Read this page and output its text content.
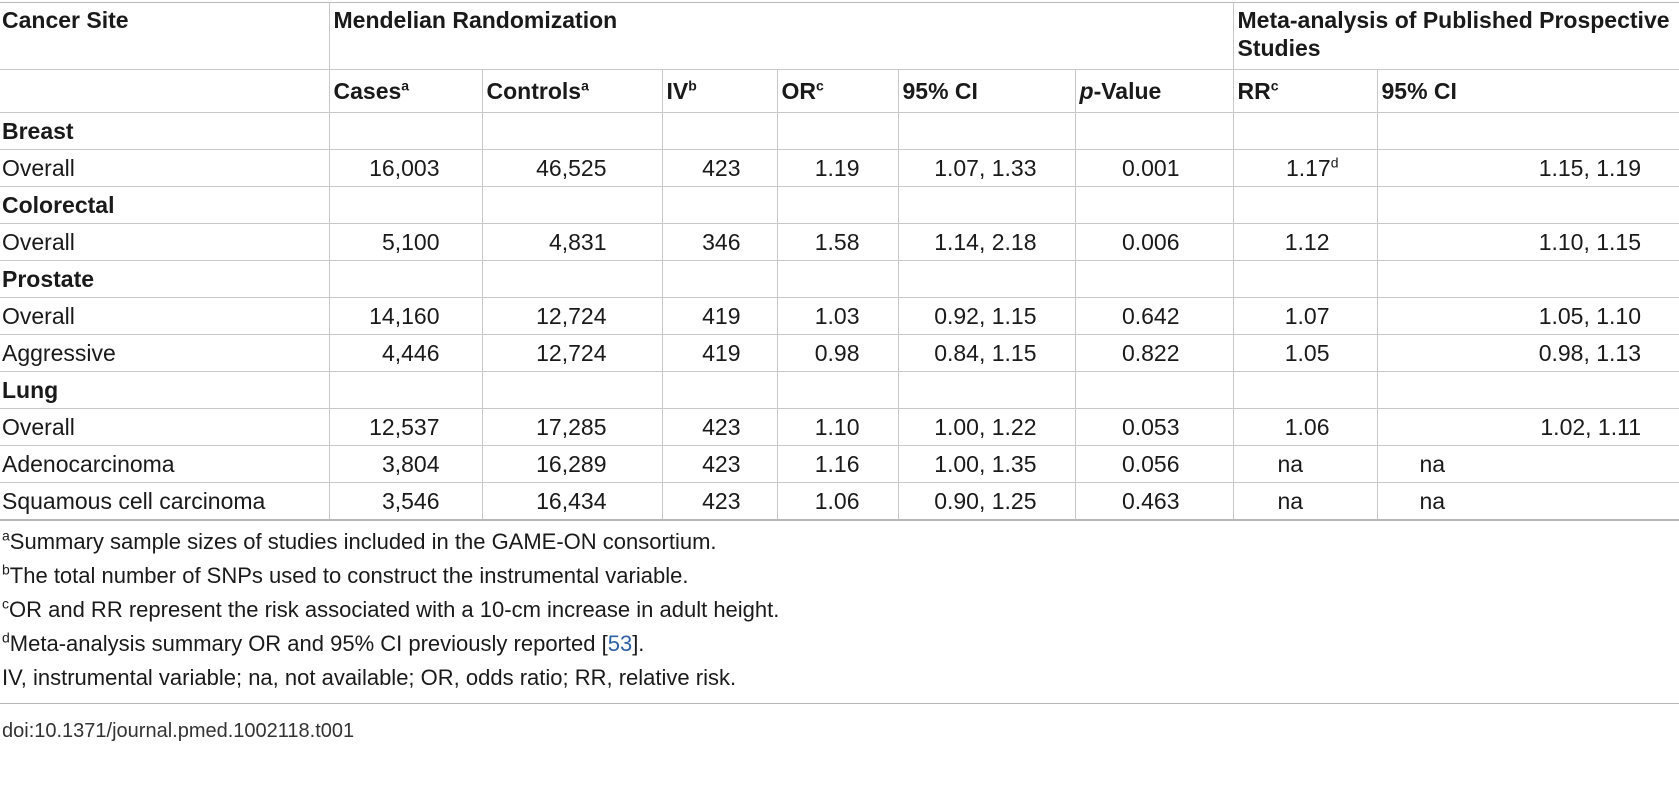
Cancer Site	Mendelian Randomization						Meta-analysis of Published Prospective Studies	
	Cases$^a$	Controls$^a$	$IV^b$	$OR^c$	95% CI	p-Value	$RR^c$	95% CI
Breast								
Overall	16,003	46,525	423	1.19	1.07, 1.33	0.001	1.17$^d$	1.15, 1.19
Colorectal								
Overall	5,100	4,831	346	1.58	1.14, 2.18	0.006	1.12	1.10, 1.15
Prostate								
Overall	14,160	12,724	419	1.03	0.92, 1.15	0.642	1.07	1.05, 1.10
Aggressive	4,446	12,724	419	0.98	0.84, 1.15	0.822	1.05	0.98, 1.13
Lung								
Overall	12,537	17,285	423	1.10	1.00, 1.22	0.053	1.06	1.02, 1.11
Adenocarcinoma	3,804	16,289	423	1.16	1.00, 1.35	0.056	na	na
Squamous cell carcinoma	3,546	16,434	423	1.06	0.90, 1.25	0.463	na	na
$^a$Summary sample sizes of studies included in the GAME-ON consortium.
$^b$The total number of SNPs used to construct the instrumental variable.
$^c$OR and RR represent the risk associated with a 10-cm increase in adult height.
$^d$Meta-analysis summary OR and 95% CI previously reported [53].
IV, instrumental variable; na, not available; OR, odds ratio; RR, relative risk.
doi:10.1371/journal.pmed.1002118.t001
